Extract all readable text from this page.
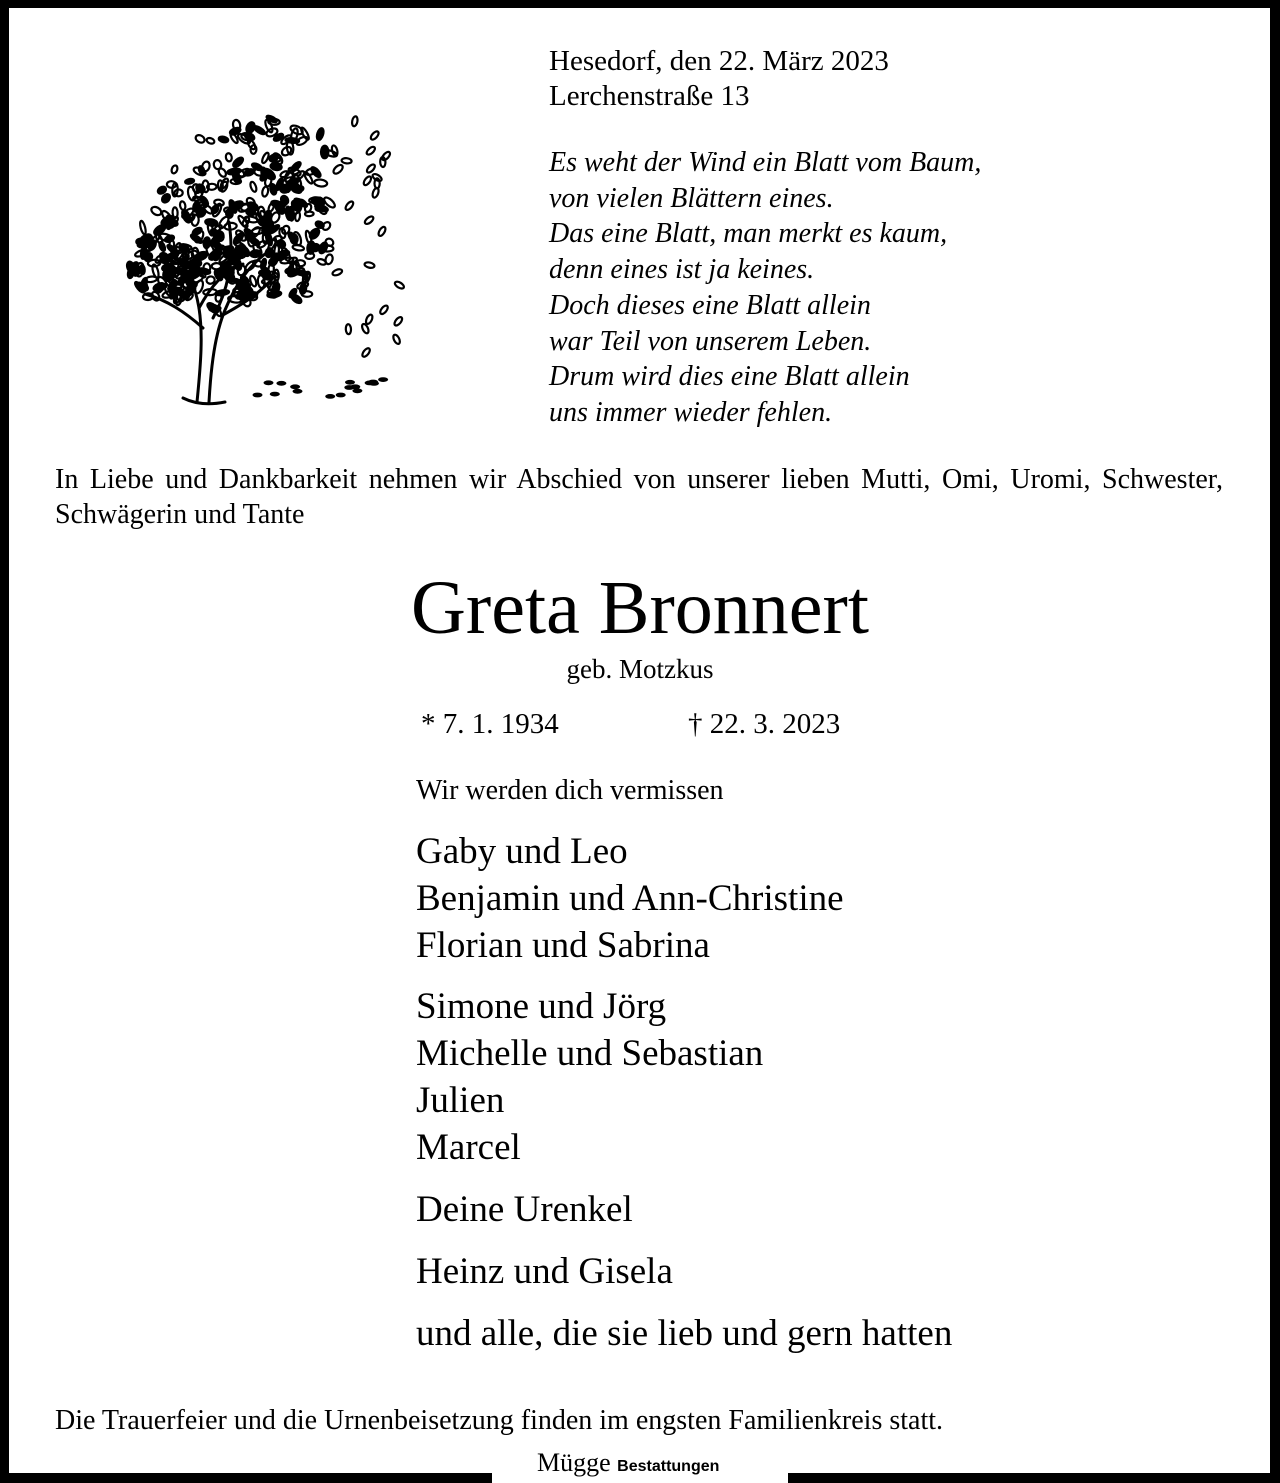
Hesedorf, den 22. März 2023
Lerchenstraße 13
Es weht der Wind ein Blatt vom Baum,
von vielen Blättern eines.
Das eine Blatt, man merkt es kaum,
denn eines ist ja keines.
Doch dieses eine Blatt allein
war Teil von unserem Leben.
Drum wird dies eine Blatt allein
uns immer wieder fehlen.

In Liebe und Dankbarkeit nehmen wir Abschied von unserer lieben Mutti, Omi, Uromi, Schwester, Schwägerin und Tante

Greta Bronnert
geb. Motzkus
* 7. 1. 1934	† 22. 3. 2023
Wir werden dich vermissen
Gaby und Leo
Benjamin und Ann-Christine
Florian und Sabrina
Simone und Jörg
Michelle und Sebastian
Julien
Marcel
Deine Urenkel
Heinz und Gisela
und alle, die sie lieb und gern hatten
Die Trauerfeier und die Urnenbeisetzung finden im engsten Familienkreis statt.
Mügge Bestattungen
